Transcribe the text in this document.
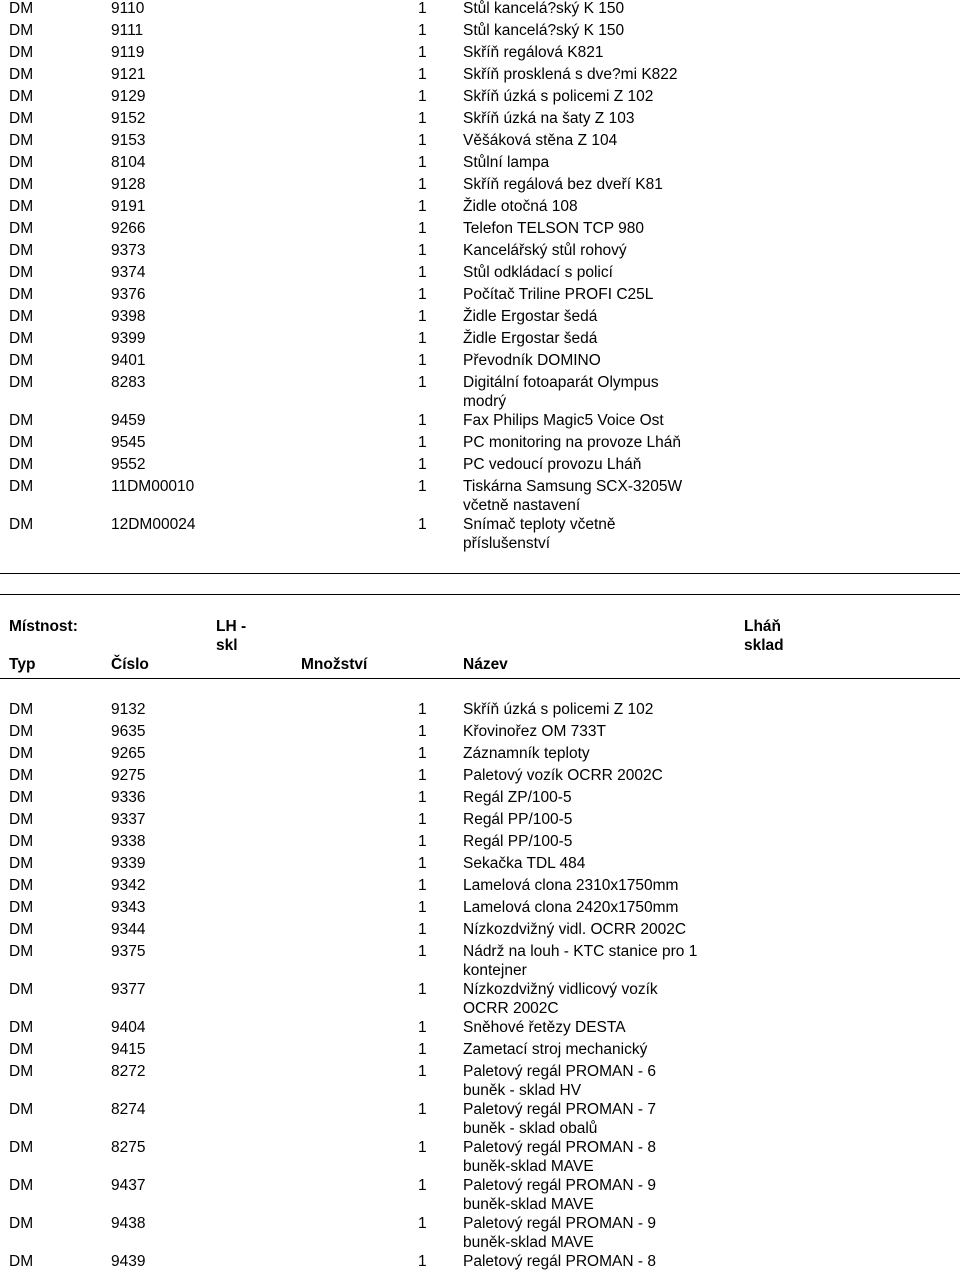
DM	9110	1 Stůl kancelá?ský K 150
DM	9111	1 Stůl kancelá?ský K 150
DM	9119	1 Skříň regálová K821
DM	9121	1 Skříň prosklená s dve?mi K822
DM	9129	1 Skříň úzká s policemi Z 102
DM	9152	1 Skříň úzká na šaty Z 103
DM	9153	1 Věšáková stěna Z 104
DM	8104	1 Stůlní lampa
DM	9128	1 Skříň regálová bez dveří K81
DM	9191	1 Židle otočná 108
DM	9266	1 Telefon TELSON TCP 980
DM	9373	1 Kancelářský stůl rohový
DM	9374	1 Stůl odkládací s policí
DM	9376	1 Počítač Triline PROFI C25L
DM	9398	1 Židle Ergostar šedá
DM	9399	1 Židle Ergostar šedá
DM	9401	1 Převodník DOMINO
DM	8283	1 Digitální fotoaparát Olympus
modrý
DM	9459	1 Fax Philips Magic5 Voice Ost
DM	9545	1 PC monitoring na provoze Lháň
DM	9552	1 PC vedoucí provozu Lháň
DM	11DM00010	1 Tiskárna Samsung SCX-3205W
včetně nastavení
DM	12DM00024	1 Snímač teploty včetně
příslušenství
Místnost:	LH -
skl
Lháň
sklad
Typ	Číslo	Množství	Název
DM	9132	1 Skříň úzká s policemi Z 102
DM	9635	1 Křovinořez OM 733T
DM	9265	1 Záznamník teploty
DM	9275	1 Paletový vozík OCRR 2002C
DM	9336	1 Regál ZP/100-5
DM	9337	1 Regál PP/100-5
DM	9338	1 Regál PP/100-5
DM	9339	1 Sekačka TDL 484
DM	9342	1 Lamelová clona 2310x1750mm
DM	9343	1 Lamelová clona 2420x1750mm
DM	9344	1 Nízkozdvižný vidl. OCRR 2002C
DM	9375	1 Nádrž na louh - KTC stanice pro 1
kontejner
DM	9377	1 Nízkozdvižný vidlicový vozík
OCRR 2002C
DM	9404	1 Sněhové řetězy DESTA
DM	9415	1 Zametací stroj mechanický
DM	8272	1 Paletový regál PROMAN - 6
buněk - sklad HV
DM	8274	1 Paletový regál PROMAN - 7
buněk - sklad obalů
DM	8275	1 Paletový regál PROMAN - 8
buněk-sklad MAVE
DM	9437	1 Paletový regál PROMAN - 9
buněk-sklad MAVE
DM	9438	1 Paletový regál PROMAN - 9
buněk-sklad MAVE
DM	9439	1 Paletový regál PROMAN - 8
